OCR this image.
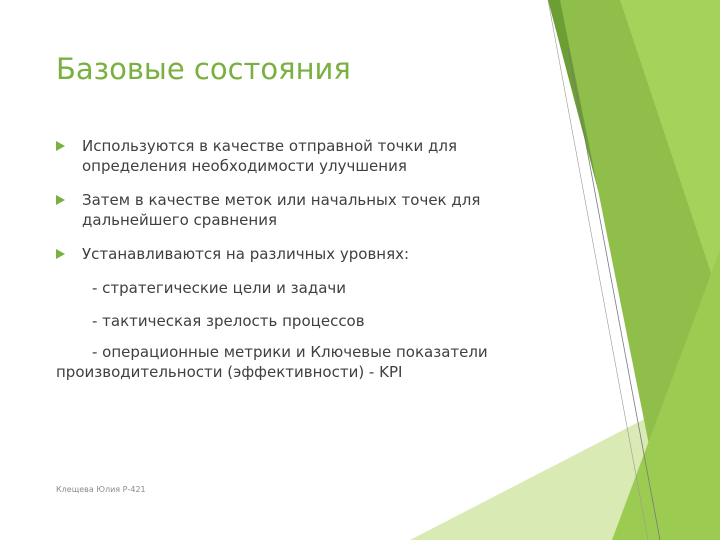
Базовые состояния
Используются в качестве отправной точки для определения необходимости улучшения
Затем в качестве меток или начальных точек для дальнейшего сравнения
Устанавливаются на различных уровнях:
- стратегические цели и задачи
- тактическая зрелость процессов
- операционные метрики и Ключевые показатели производительности (эффективности) - KPI
Клещева Юлия Р-421
